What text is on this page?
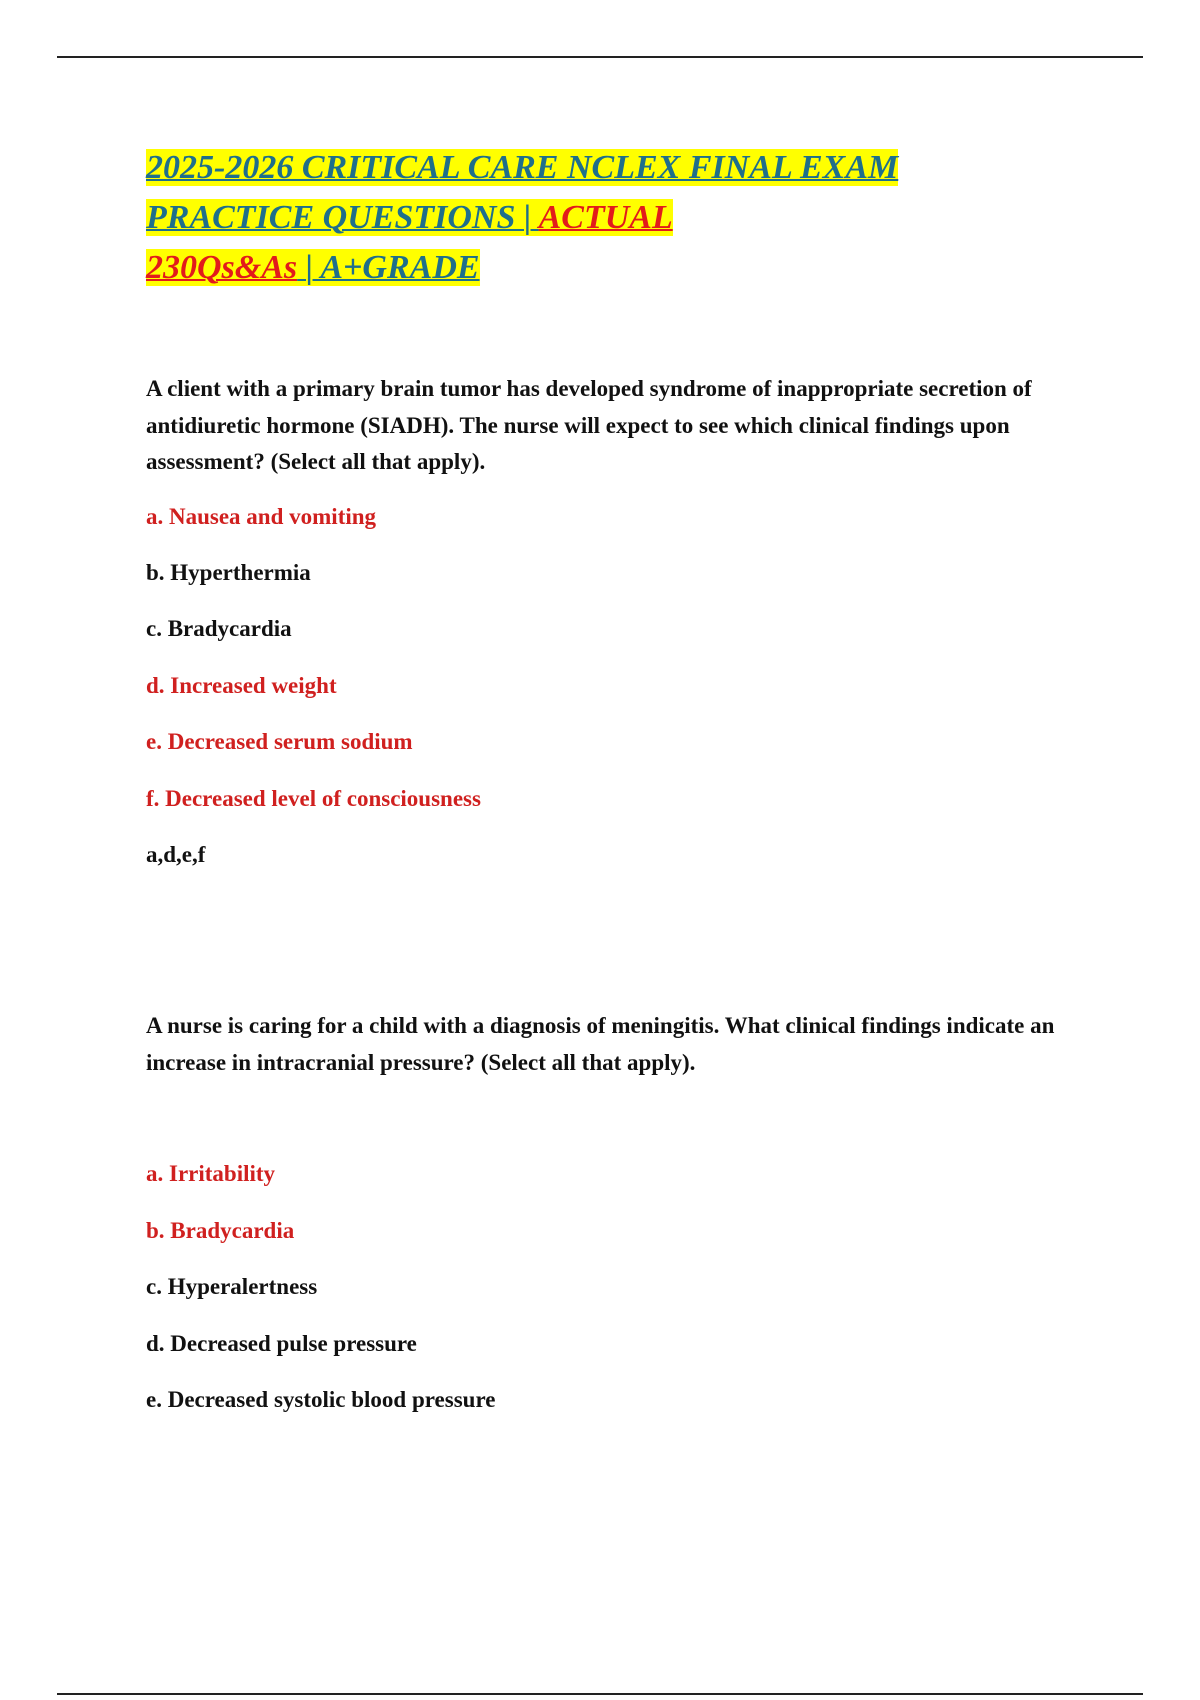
2025-2026 CRITICAL CARE NCLEX FINAL EXAM
PRACTICE QUESTIONS | ACTUAL
230Qs&As | A+GRADE

A client with a primary brain tumor has developed syndrome of inappropriate secretion of antidiuretic hormone (SIADH). The nurse will expect to see which clinical findings upon assessment? (Select all that apply).

a. Nausea and vomiting
b. Hyperthermia
c. Bradycardia
d. Increased weight
e. Decreased serum sodium
f. Decreased level of consciousness
a,d,e,f

A nurse is caring for a child with a diagnosis of meningitis. What clinical findings indicate an increase in intracranial pressure? (Select all that apply).

a. Irritability
b. Bradycardia
c. Hyperalertness
d. Decreased pulse pressure
e. Decreased systolic blood pressure
